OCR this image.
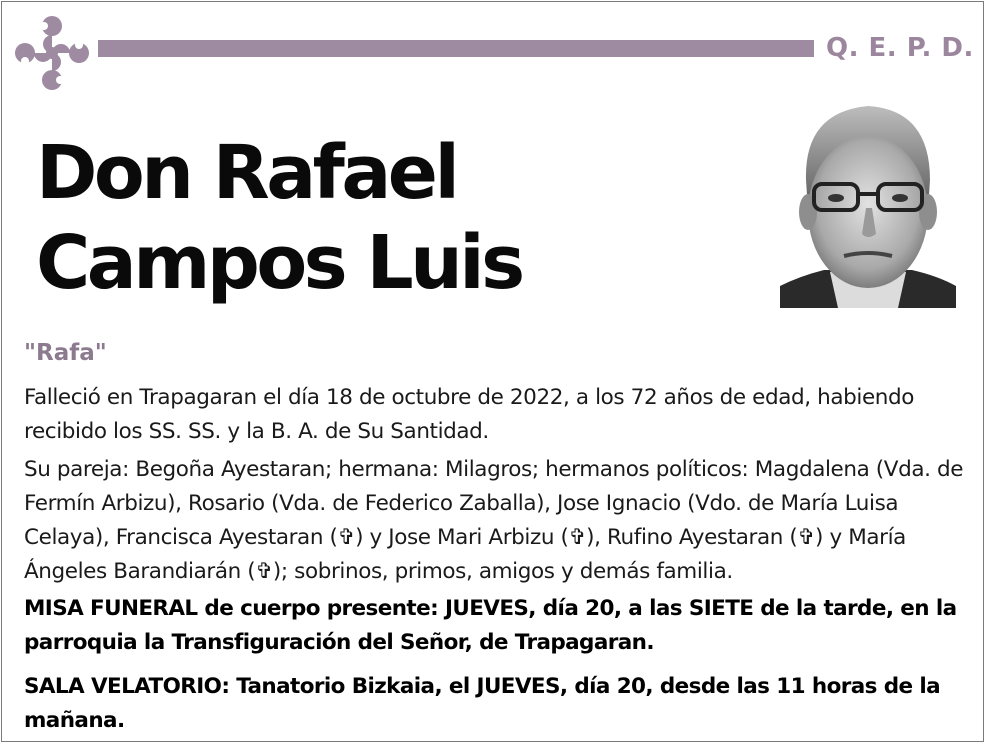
Q. E. P. D.
Don Rafael
Campos Luis
"Rafa"
Falleció en Trapagaran el día 18 de octubre de 2022, a los 72 años de edad, habiendo recibido los SS. SS. y la B. A. de Su Santidad.
Su pareja: Begoña Ayestaran; hermana: Milagros; hermanos políticos: Magdalena (Vda. de Fermín Arbizu), Rosario (Vda. de Federico Zaballa), Jose Ignacio (Vdo. de María Luisa Celaya), Francisca Ayestaran (✞) y Jose Mari Arbizu (✞), Rufino Ayestaran (✞) y María Ángeles Barandiarán (✞); sobrinos, primos, amigos y demás familia.
MISA FUNERAL de cuerpo presente: JUEVES, día 20, a las SIETE de la tarde, en la parroquia la Transfiguración del Señor, de Trapagaran.
SALA VELATORIO: Tanatorio Bizkaia, el JUEVES, día 20, desde las 11 horas de la mañana.
